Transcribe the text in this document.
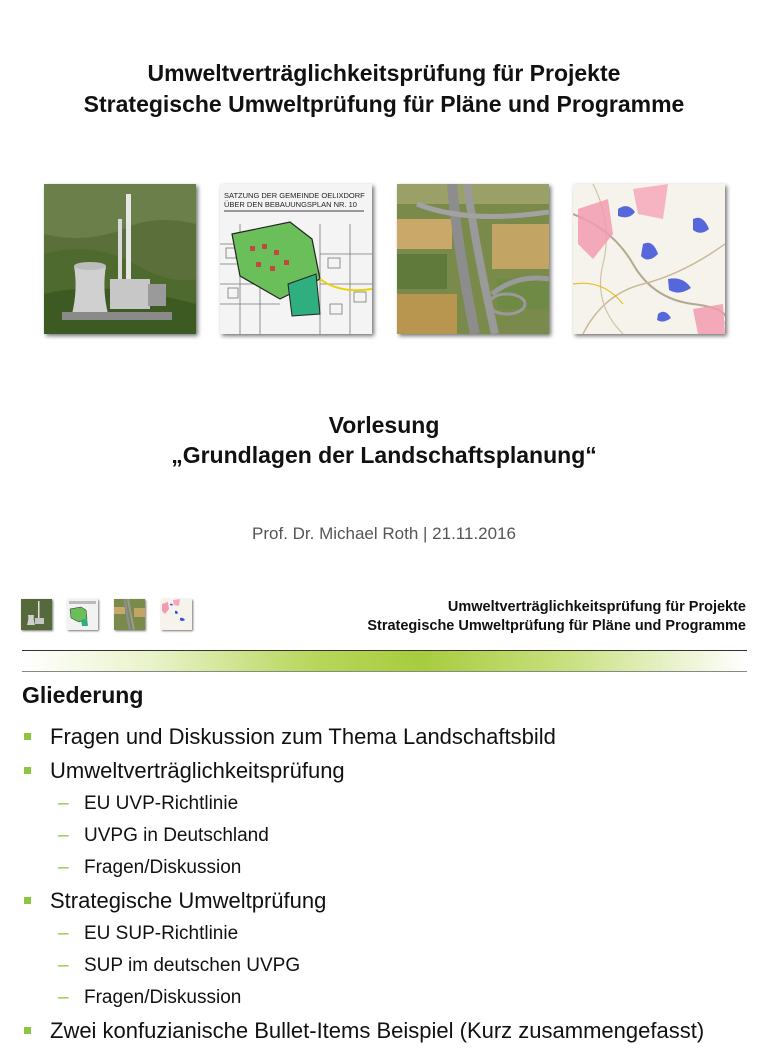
Umweltverträglichkeitsprüfung für Projekte
Strategische Umweltprüfung für Pläne und Programme
SATZUNG DER GEMEINDE OELIXDORF
ÜBER DEN BEBAUUNGSPLAN NR. 10
Vorlesung
„Grundlagen der Landschaftsplanung“
Prof. Dr. Michael Roth | 21.11.2016
Umweltverträglichkeitsprüfung für Projekte
Strategische Umweltprüfung für Pläne und Programme
Gliederung
Fragen und Diskussion zum Thema Landschaftsbild
Umweltverträglichkeitsprüfung
– EU UVP-Richtlinie
– UVPG in Deutschland
– Fragen/Diskussion
Strategische Umweltprüfung
– EU SUP-Richtlinie
– SUP im deutschen UVPG
– Fragen/Diskussion
Zwei konfuzianische Bullet-Items Beispiel (Kurz zusammengefasst)
